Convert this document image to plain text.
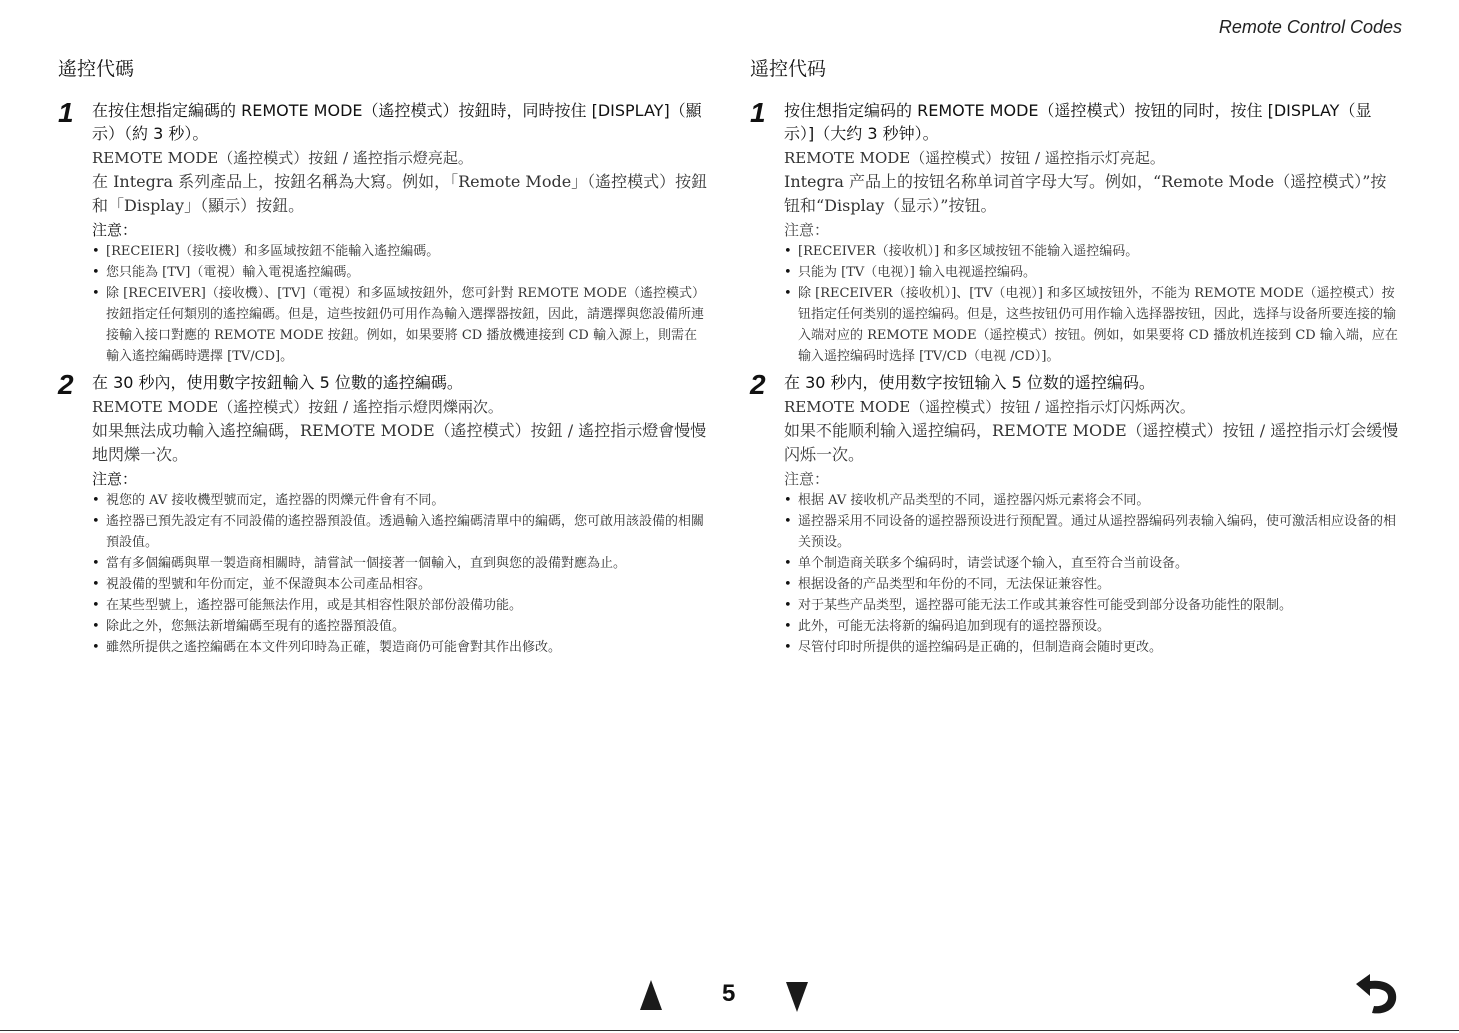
Remote Control Codes
遙控代碼
1 在按住想指定編碼的 REMOTE MODE（遙控模式）按鈕時，同時按住 [DISPLAY]（顯示）（約 3 秒）。
REMOTE MODE（遙控模式）按鈕 / 遙控指示燈亮起。
在 Integra 系列產品上，按鈕名稱為大寫。例如，「Remote Mode」（遙控模式）按鈕和「Display」（顯示）按鈕。
注意：
• [RECEIER]（接收機）和多區域按鈕不能輸入遙控編碼。
• 您只能為 [TV]（電視）輸入電視遙控編碼。
• 除 [RECEIVER]（接收機）、[TV]（電視）和多區域按鈕外，您可針對 REMOTE MODE（遙控模式）按鈕指定任何類別的遙控編碼。但是，這些按鈕仍可用作為輸入選擇器按鈕，因此，請選擇與您設備所連接輸入接口對應的 REMOTE MODE 按鈕。例如，如果要將 CD 播放機連接到 CD 輸入源上，則需在輸入遙控編碼時選擇 [TV/CD]。
2 在 30 秒內，使用數字按鈕輸入 5 位數的遙控編碼。
REMOTE MODE（遙控模式）按鈕 / 遙控指示燈閃爍兩次。
如果無法成功輸入遙控編碼，REMOTE MODE（遙控模式）按鈕 / 遙控指示燈會慢慢地閃爍一次。
注意：
• 視您的 AV 接收機型號而定，遙控器的閃爍元件會有不同。
• 遙控器已預先設定有不同設備的遙控器預設值。透過輸入遙控編碼清單中的編碼，您可啟用該設備的相關預設值。
• 當有多個編碼與單一製造商相關時，請嘗試一個接著一個輸入，直到與您的設備對應為止。
• 視設備的型號和年份而定，並不保證與本公司產品相容。
• 在某些型號上，遙控器可能無法作用，或是其相容性限於部份設備功能。
• 除此之外，您無法新增編碼至現有的遙控器預設值。
• 雖然所提供之遙控編碼在本文件列印時為正確，製造商仍可能會對其作出修改。
遥控代码
1 按住想指定编码的 REMOTE MODE（遥控模式）按钮的同时，按住 [DISPLAY（显示）]（大约 3 秒钟）。
REMOTE MODE（遥控模式）按钮 / 遥控指示灯亮起。
Integra 产品上的按钮名称单词首字母大写。例如，“Remote Mode（遥控模式）”按钮和“Display（显示）”按钮。
注意：
• [RECEIVER（接收机）] 和多区域按钮不能输入遥控编码。
• 只能为 [TV（电视）] 输入电视遥控编码。
• 除 [RECEIVER（接收机）]、[TV（电视）] 和多区域按钮外，不能为 REMOTE MODE（遥控模式）按钮指定任何类别的遥控编码。但是，这些按钮仍可用作输入选择器按钮，因此，选择与设备所要连接的输入端对应的 REMOTE MODE（遥控模式）按钮。例如，如果要将 CD 播放机连接到 CD 输入端，应在输入遥控编码时选择 [TV/CD（电视 /CD）]。
2 在 30 秒内，使用数字按钮输入 5 位数的遥控编码。
REMOTE MODE（遥控模式）按钮 / 遥控指示灯闪烁两次。
如果不能顺利输入遥控编码，REMOTE MODE（遥控模式）按钮 / 遥控指示灯会缓慢闪烁一次。
注意：
• 根据 AV 接收机产品类型的不同，遥控器闪烁元素将会不同。
• 遥控器采用不同设备的遥控器预设进行预配置。通过从遥控器编码列表输入编码，使可激活相应设备的相关预设。
• 单个制造商关联多个编码时，请尝试逐个输入，直至符合当前设备。
• 根据设备的产品类型和年份的不同，无法保证兼容性。
• 对于某些产品类型，遥控器可能无法工作或其兼容性可能受到部分设备功能性的限制。
• 此外，可能无法将新的编码追加到现有的遥控器预设。
• 尽管付印时所提供的遥控编码是正确的，但制造商会随时更改。
5
